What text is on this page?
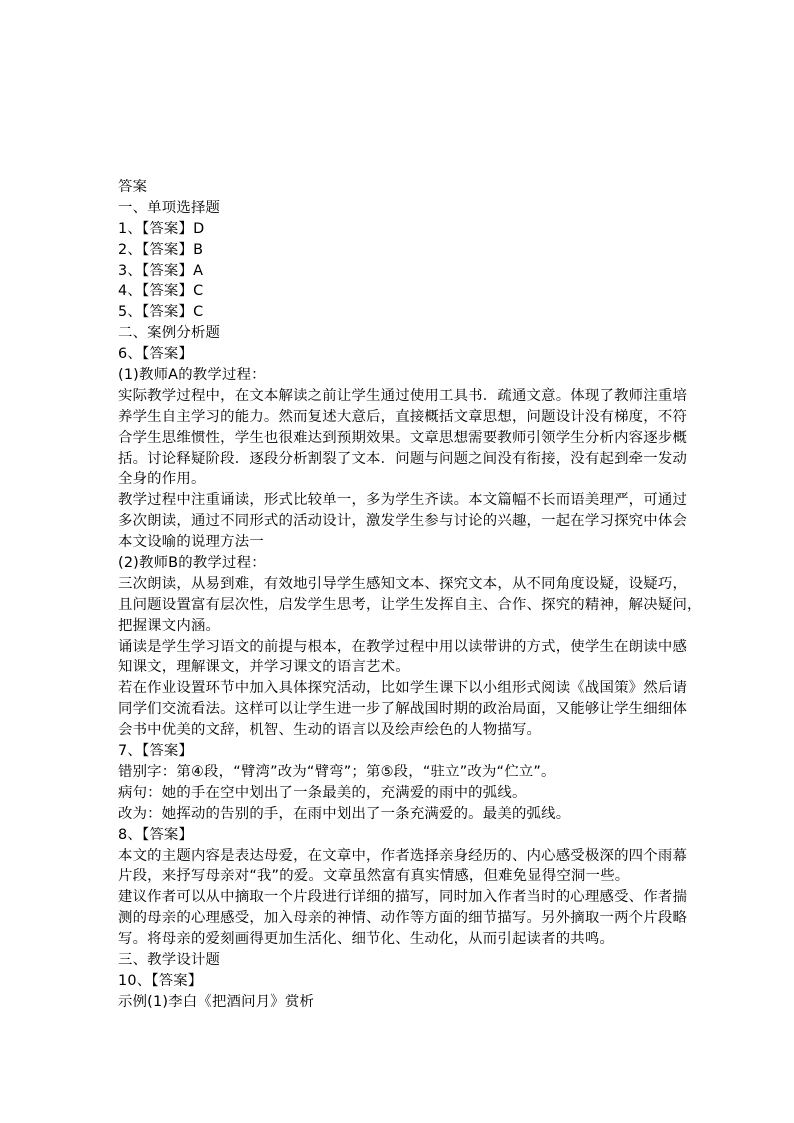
答案
一、单项选择题
1、【答案】D
2、【答案】B
3、【答案】A
4、【答案】C
5、【答案】C
二、案例分析题
6、【答案】
(1)教师A的教学过程：
实际教学过程中，在文本解读之前让学生通过使用工具书．疏通文意。体现了教师注重培
养学生自主学习的能力。然而复述大意后，直接概括文章思想，问题设计没有梯度，不符
合学生思维惯性，学生也很难达到预期效果。文章思想需要教师引领学生分析内容逐步概
括。讨论释疑阶段．逐段分析割裂了文本．问题与问题之间没有衔接，没有起到牵一发动
全身的作用。
教学过程中注重诵读，形式比较单一，多为学生齐读。本文篇幅不长而语美理严，可通过
多次朗读，通过不同形式的活动设计，激发学生参与讨论的兴趣，一起在学习探究中体会
本文设喻的说理方法一
(2)教师B的教学过程：
三次朗读，从易到难，有效地引导学生感知文本、探究文本，从不同角度设疑，设疑巧，
且问题设置富有层次性，启发学生思考，让学生发挥自主、合作、探究的精神，解决疑问，
把握课文内涵。
诵读是学生学习语文的前提与根本，在教学过程中用以读带讲的方式，使学生在朗读中感
知课文，理解课文，并学习课文的语言艺术。
若在作业设置环节中加入具体探究活动，比如学生课下以小组形式阅读《战国策》然后请
同学们交流看法。这样可以让学生进一步了解战国时期的政治局面，又能够让学生细细体
会书中优美的文辞，机智、生动的语言以及绘声绘色的人物描写。
7、【答案】
错别字：第④段，“臂湾”改为“臂弯”；第⑤段，“驻立”改为“伫立”。
病句：她的手在空中划出了一条最美的，充满爱的雨中的弧线。
改为：她挥动的告别的手，在雨中划出了一条充满爱的。最美的弧线。
8、【答案】
本文的主题内容是表达母爱，在文章中，作者选择亲身经历的、内心感受极深的四个雨幕
片段，来抒写母亲对“我”的爱。文章虽然富有真实情感，但难免显得空洞一些。
建议作者可以从中摘取一个片段进行详细的描写，同时加入作者当时的心理感受、作者揣
测的母亲的心理感受，加入母亲的神情、动作等方面的细节描写。另外摘取一两个片段略
写。将母亲的爱刻画得更加生活化、细节化、生动化，从而引起读者的共鸣。
三、教学设计题
10、【答案】
示例(1)李白《把酒问月》赏析
